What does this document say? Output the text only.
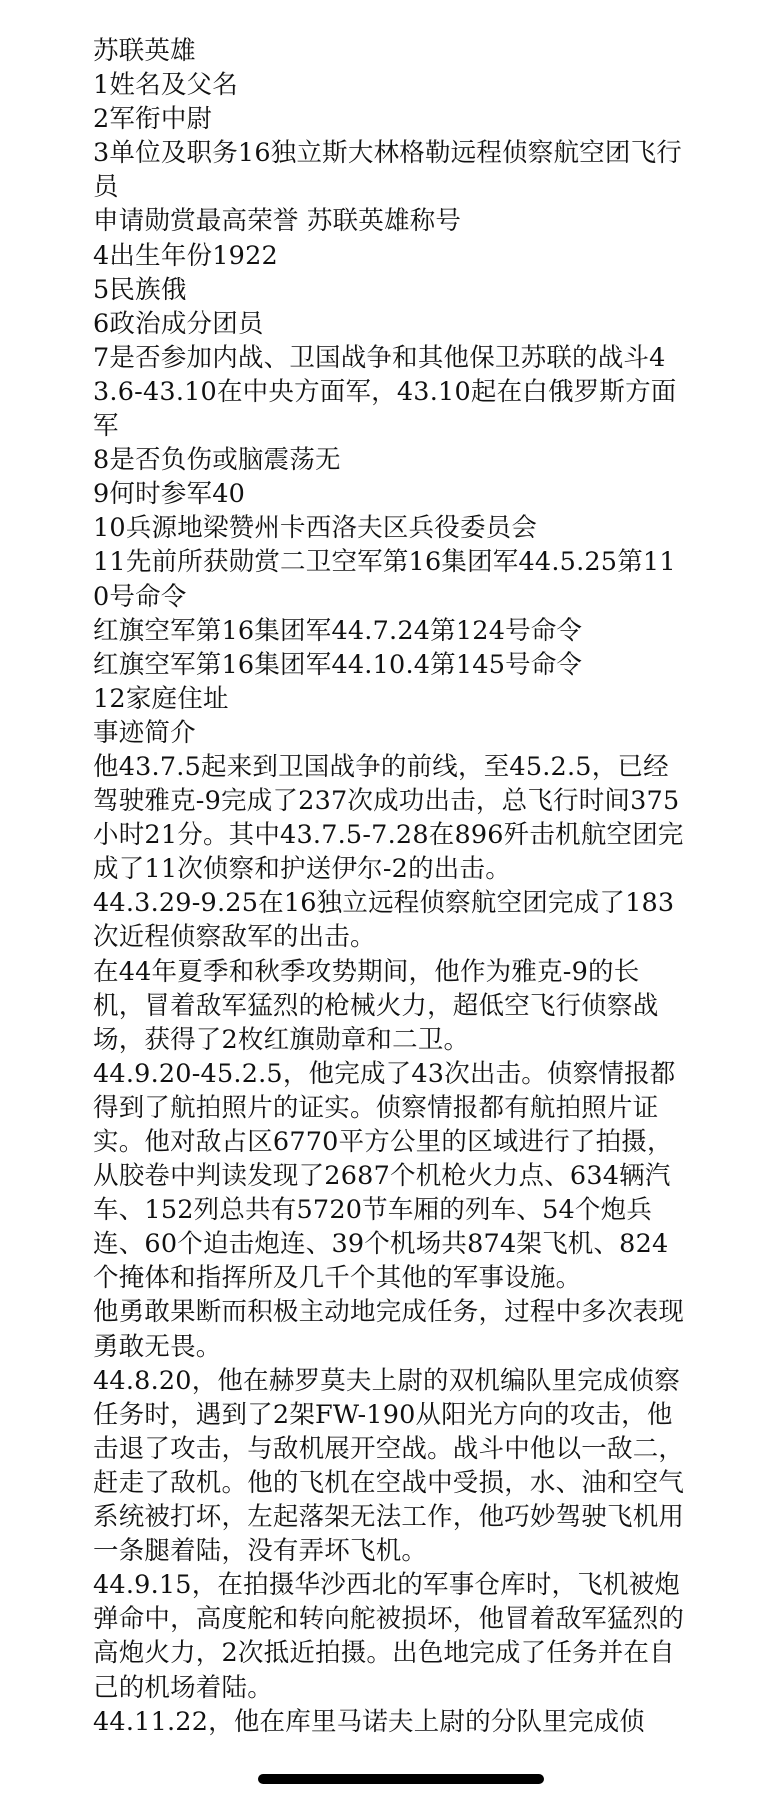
苏联英雄

1姓名及父名

2军衔中尉

3单位及职务16独立斯大林格勒远程侦察航空团飞行员

申请勋赏最高荣誉 苏联英雄称号

4出生年份1922

5民族俄

6政治成分团员

7是否参加内战、卫国战争和其他保卫苏联的战斗43.6-43.10在中央方面军，43.10起在白俄罗斯方面军

8是否负伤或脑震荡无

9何时参军40

10兵源地梁赞州卡西洛夫区兵役委员会

11先前所获勋赏二卫空军第16集团军44.5.25第110号命令

红旗空军第16集团军44.7.24第124号命令

红旗空军第16集团军44.10.4第145号命令

12家庭住址

事迹简介

他43.7.5起来到卫国战争的前线，至45.2.5，已经驾驶雅克-9完成了237次成功出击，总飞行时间375小时21分。其中43.7.5-7.28在896歼击机航空团完成了11次侦察和护送伊尔-2的出击。

44.3.29-9.25在16独立远程侦察航空团完成了183次近程侦察敌军的出击。

在44年夏季和秋季攻势期间，他作为雅克-9的长机，冒着敌军猛烈的枪械火力，超低空飞行侦察战场，获得了2枚红旗勋章和二卫。

44.9.20-45.2.5，他完成了43次出击。侦察情报都得到了航拍照片的证实。侦察情报都有航拍照片证实。他对敌占区6770平方公里的区域进行了拍摄，从胶卷中判读发现了2687个机枪火力点、634辆汽车、152列总共有5720节车厢的列车、54个炮兵连、60个迫击炮连、39个机场共874架飞机、824个掩体和指挥所及几千个其他的军事设施。

他勇敢果断而积极主动地完成任务，过程中多次表现勇敢无畏。

44.8.20，他在赫罗莫夫上尉的双机编队里完成侦察任务时，遇到了2架FW-190从阳光方向的攻击，他击退了攻击，与敌机展开空战。战斗中他以一敌二，赶走了敌机。他的飞机在空战中受损，水、油和空气系统被打坏，左起落架无法工作，他巧妙驾驶飞机用一条腿着陆，没有弄坏飞机。

44.9.15，在拍摄华沙西北的军事仓库时，飞机被炮弹命中，高度舵和转向舵被损坏，他冒着敌军猛烈的高炮火力，2次抵近拍摄。出色地完成了任务并在自己的机场着陆。

44.11.22，他在库里马诺夫上尉的分队里完成侦
